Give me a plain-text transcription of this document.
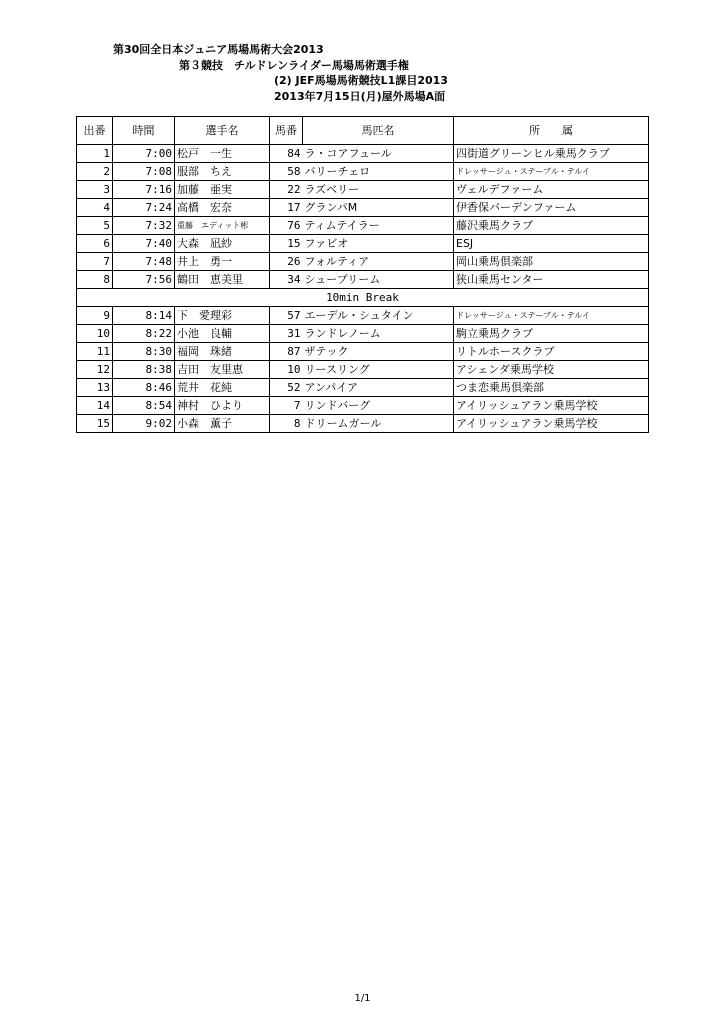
第30回全日本ジュニア馬場馬術大会2013
第３競技　チルドレンライダー馬場馬術選手権
(2) JEF馬場馬術競技L1課目2013
2013年7月15日(月)屋外馬場A面
出番	時間	選手名	馬番	馬匹名	所　　属
1	7:00	松戸　一生	84	ラ・コアフュール	四街道グリーンヒル乗馬クラブ
2	7:08	服部　ちえ	58	バリーチェロ	ドレッサージュ・ステーブル・テルイ
3	7:16	加藤　亜実	22	ラズベリー	ヴェルデファーム
4	7:24	高橋　宏奈	17	グランパM	伊香保バーデンファーム
5	7:32	重藤　エディット彬	76	ティムテイラー	藤沢乗馬クラブ
6	7:40	大森　凪紗	15	ファビオ	ESJ
7	7:48	井上　勇一	26	フォルティア	岡山乗馬倶楽部
8	7:56	鶴田　恵美里	34	シュープリーム	狭山乗馬センター
10min Break					
9	8:14	下　愛理彩	57	エーデル・シュタイン	ドレッサージュ・ステーブル・テルイ
10	8:22	小池　良輔	31	ランドレノーム	駒立乗馬クラブ
11	8:30	福岡　珠緒	87	ザテック	リトルホースクラブ
12	8:38	吉田　友里恵	10	リースリング	アシェンダ乗馬学校
13	8:46	荒井　花純	52	アンパイア	つま恋乗馬倶楽部
14	8:54	神村　ひより	7	リンドバーグ	アイリッシュアラン乗馬学校
15	9:02	小森　薫子	8	ドリームガール	アイリッシュアラン乗馬学校
1/1
